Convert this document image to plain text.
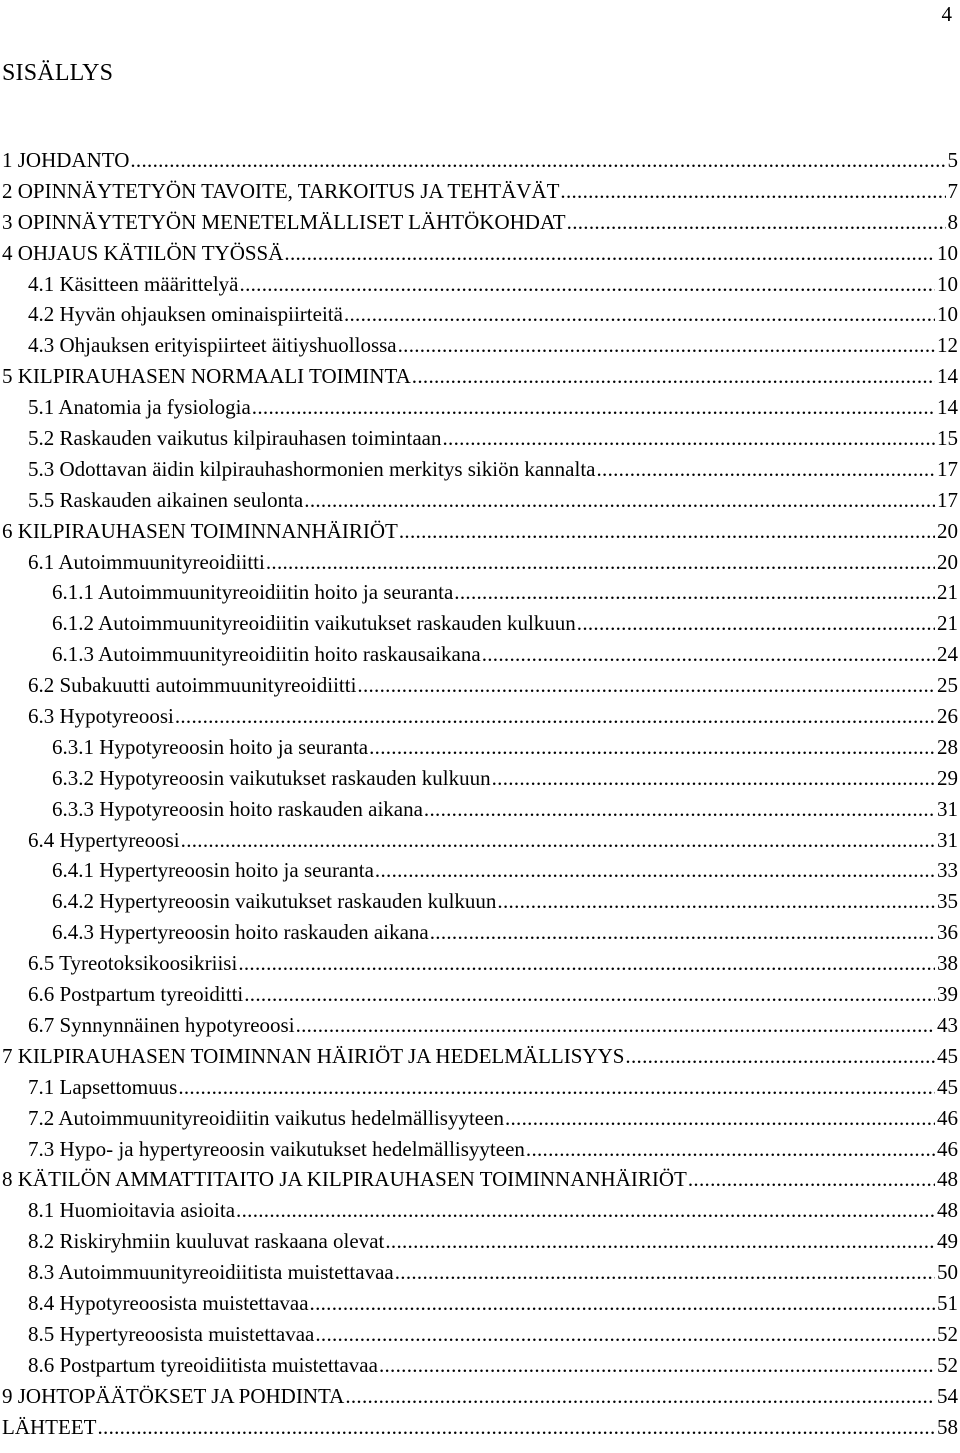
4
SISÄLLYS
1 JOHDANTO .....	5
2 OPINNÄYTETYÖN TAVOITE, TARKOITUS JA TEHTÄVÄT .....	7
3 OPINNÄYTETYÖN MENETELMÄLLISET LÄHTÖKOHDAT .....	8
4 OHJAUS KÄTILÖN TYÖSSÄ .....	10
4.1 Käsitteen määrittelyä .....	10
4.2 Hyvän ohjauksen ominaispiirteitä .....	10
4.3 Ohjauksen erityispiirteet äitiyshuollossa .....	12
5 KILPIRAUHASEN NORMAALI TOIMINTA .....	14
5.1 Anatomia ja fysiologia .....	14
5.2 Raskauden vaikutus kilpirauhasen toimintaan .....	15
5.3 Odottavan äidin kilpirauhashormonien merkitys sikiön kannalta .....	17
5.5 Raskauden aikainen seulonta .....	17
6 KILPIRAUHASEN TOIMINNANHÄIRIÖT .....	20
6.1 Autoimmuunityreoidiitti .....	20
6.1.1 Autoimmuunityreoidiitin hoito ja seuranta .....	21
6.1.2 Autoimmuunityreoidiitin vaikutukset raskauden kulkuun .....	21
6.1.3 Autoimmuunityreoidiitin hoito raskausaikana .....	24
6.2 Subakuutti autoimmuunityreoidiitti .....	25
6.3 Hypotyreoosi .....	26
6.3.1 Hypotyreoosin hoito ja seuranta .....	28
6.3.2 Hypotyreoosin vaikutukset raskauden kulkuun .....	29
6.3.3 Hypotyreoosin hoito raskauden aikana .....	31
6.4 Hypertyreoosi .....	31
6.4.1 Hypertyreoosin hoito ja seuranta .....	33
6.4.2 Hypertyreoosin vaikutukset raskauden kulkuun .....	35
6.4.3 Hypertyreoosin hoito raskauden aikana .....	36
6.5 Tyreotoksikoosikriisi .....	38
6.6 Postpartum tyreoiditti .....	39
6.7 Synnynnäinen hypotyreoosi .....	43
7 KILPIRAUHASEN TOIMINNAN HÄIRIÖT JA HEDELMÄLLISYYS .....	45
7.1 Lapsettomuus .....	45
7.2 Autoimmuunityreoidiitin vaikutus hedelmällisyyteen .....	46
7.3 Hypo- ja hypertyreoosin vaikutukset hedelmällisyyteen .....	46
8 KÄTILÖN AMMATTITAITO JA KILPIRAUHASEN TOIMINNANHÄIRIÖT .....	48
8.1 Huomioitavia asioita .....	48
8.2 Riskiryhmiin kuuluvat raskaana olevat .....	49
8.3 Autoimmuunityreoidiitista muistettavaa .....	50
8.4 Hypotyreoosista muistettavaa .....	51
8.5 Hypertyreoosista muistettavaa .....	52
8.6 Postpartum tyreoidiitista muistettavaa .....	52
9 JOHTOPÄÄTÖKSET JA POHDINTA .....	54
LÄHTEET .....	58
